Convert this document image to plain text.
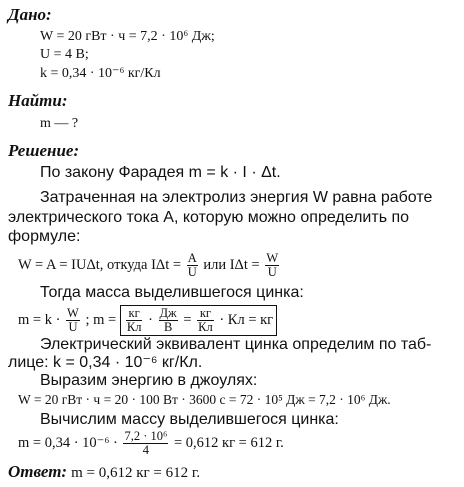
Дано:
W = 20 гВт · ч = 7,2 · 10⁶ Дж;
U = 4 В;
k = 0,34 · 10⁻⁶ кг/Кл
Найти:
m — ?
Решение:
По закону Фарадея m = k · I · Δt.
Затраченная на электролиз энергия W равна работе
электрического тока A, которую можно определить по
формуле:
W = A = IUΔt, откуда $I\Delta t = \frac{A}{U}$ или $I\Delta t = \frac{W}{U}$
Тогда масса выделившегося цинка:
$m = k \cdot \frac{W}{U}$ ; $m = \frac{кг}{Кл} \cdot \frac{Дж}{В} = \frac{кг}{Кл}$ · Кл = кг
Электрический эквивалент цинка определим по таб-
лице: k = 0,34 · 10⁻⁶ кг/Кл.
Выразим энергию в джоулях:
W = 20 гВт · ч = 20 · 100 Вт · 3600 с = 72 · 10⁵ Дж = 7,2 · 10⁶ Дж.
Вычислим массу выделившегося цинка:
$m = 0,34 \cdot 10^{-6} \cdot \frac{\text{7,2 · 10⁶}}{4} = 0,612$ кг = 612 г.
Ответ: m = 0,612 кг = 612 г.
